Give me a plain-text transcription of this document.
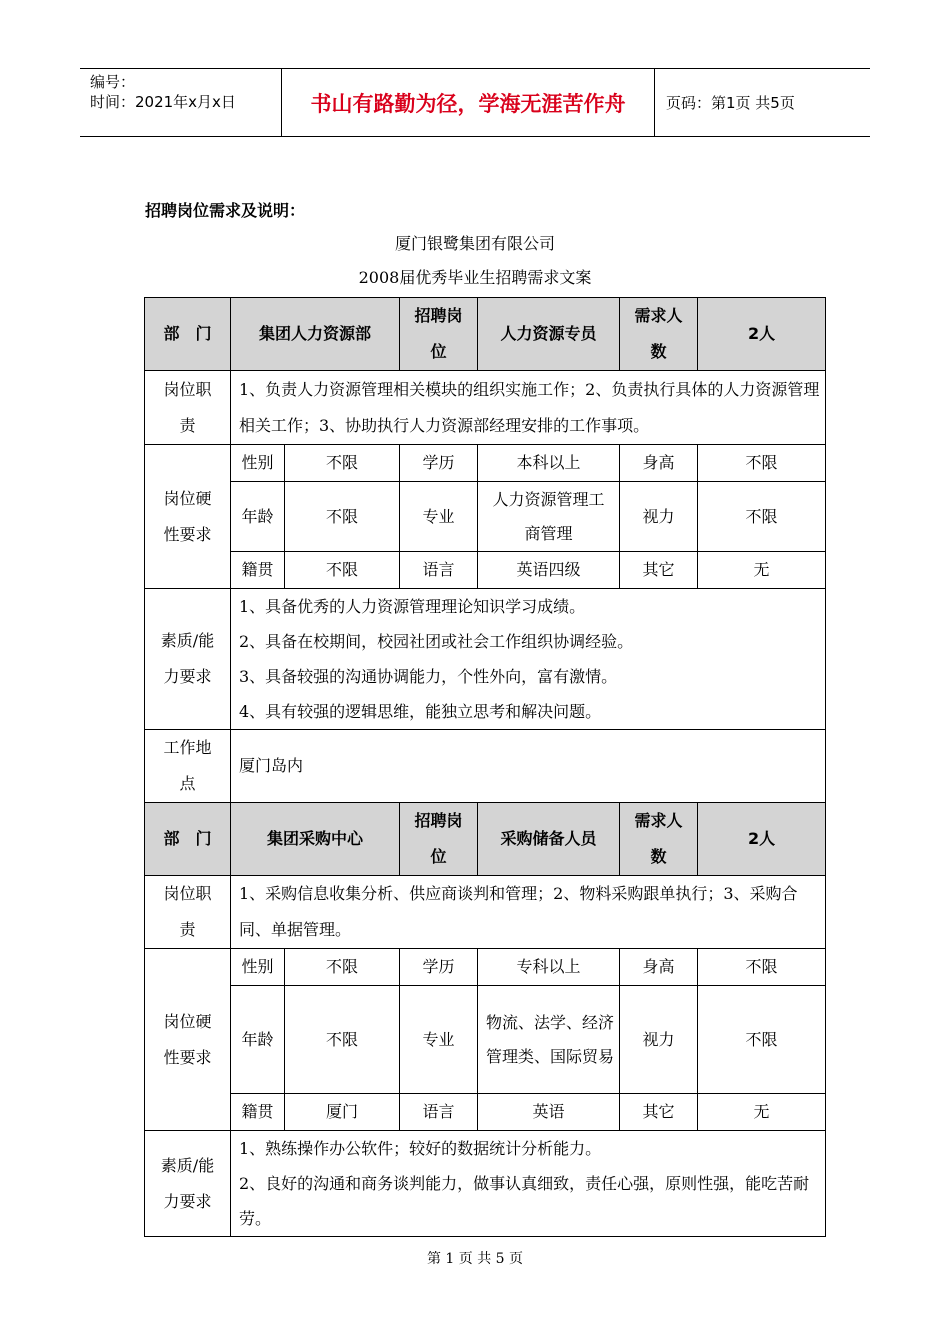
编号：
时间：2021年x月x日	书山有路勤为径，学海无涯苦作舟	页码：第1页 共5页
招聘岗位需求及说明：
厦门银鹭集团有限公司
2008届优秀毕业生招聘需求文案
部　门	集团人力资源部		招聘岗位	人力资源专员	需求人数	2人
岗位职责	1、负责人力资源管理相关模块的组织实施工作；2、负责执行具体的人力资源管理相关工作；3、协助执行人力资源部经理安排的工作事项。					
岗位硬性要求	性别	不限	学历	本科以上	身高	不限
	年龄	不限	专业	人力资源管理工商管理	视力	不限
	籍贯	不限	语言	英语四级	其它	无
素质/能力要求	1、具备优秀的人力资源管理理论知识学习成绩。
2、具备在校期间，校园社团或社会工作组织协调经验。
3、具备较强的沟通协调能力，个性外向，富有激情。
4、具有较强的逻辑思维，能独立思考和解决问题。					

工作地点	厦门岛内					
部　门	集团采购中心		招聘岗位	采购储备人员	需求人数	2人
岗位职责	1、采购信息收集分析、供应商谈判和管理；2、物料采购跟单执行；3、采购合同、单据管理。					
岗位硬性要求	性别	不限	学历	专科以上	身高	不限
	年龄	不限	专业	物流、法学、经济管理类、国际贸易	视力	不限
	籍贯	厦门	语言	英语	其它	无
素质/能力要求	1、熟练操作办公软件；较好的数据统计分析能力。
2、良好的沟通和商务谈判能力，做事认真细致，责任心强，原则性强，能吃苦耐劳。					
第 1 页 共 5 页
